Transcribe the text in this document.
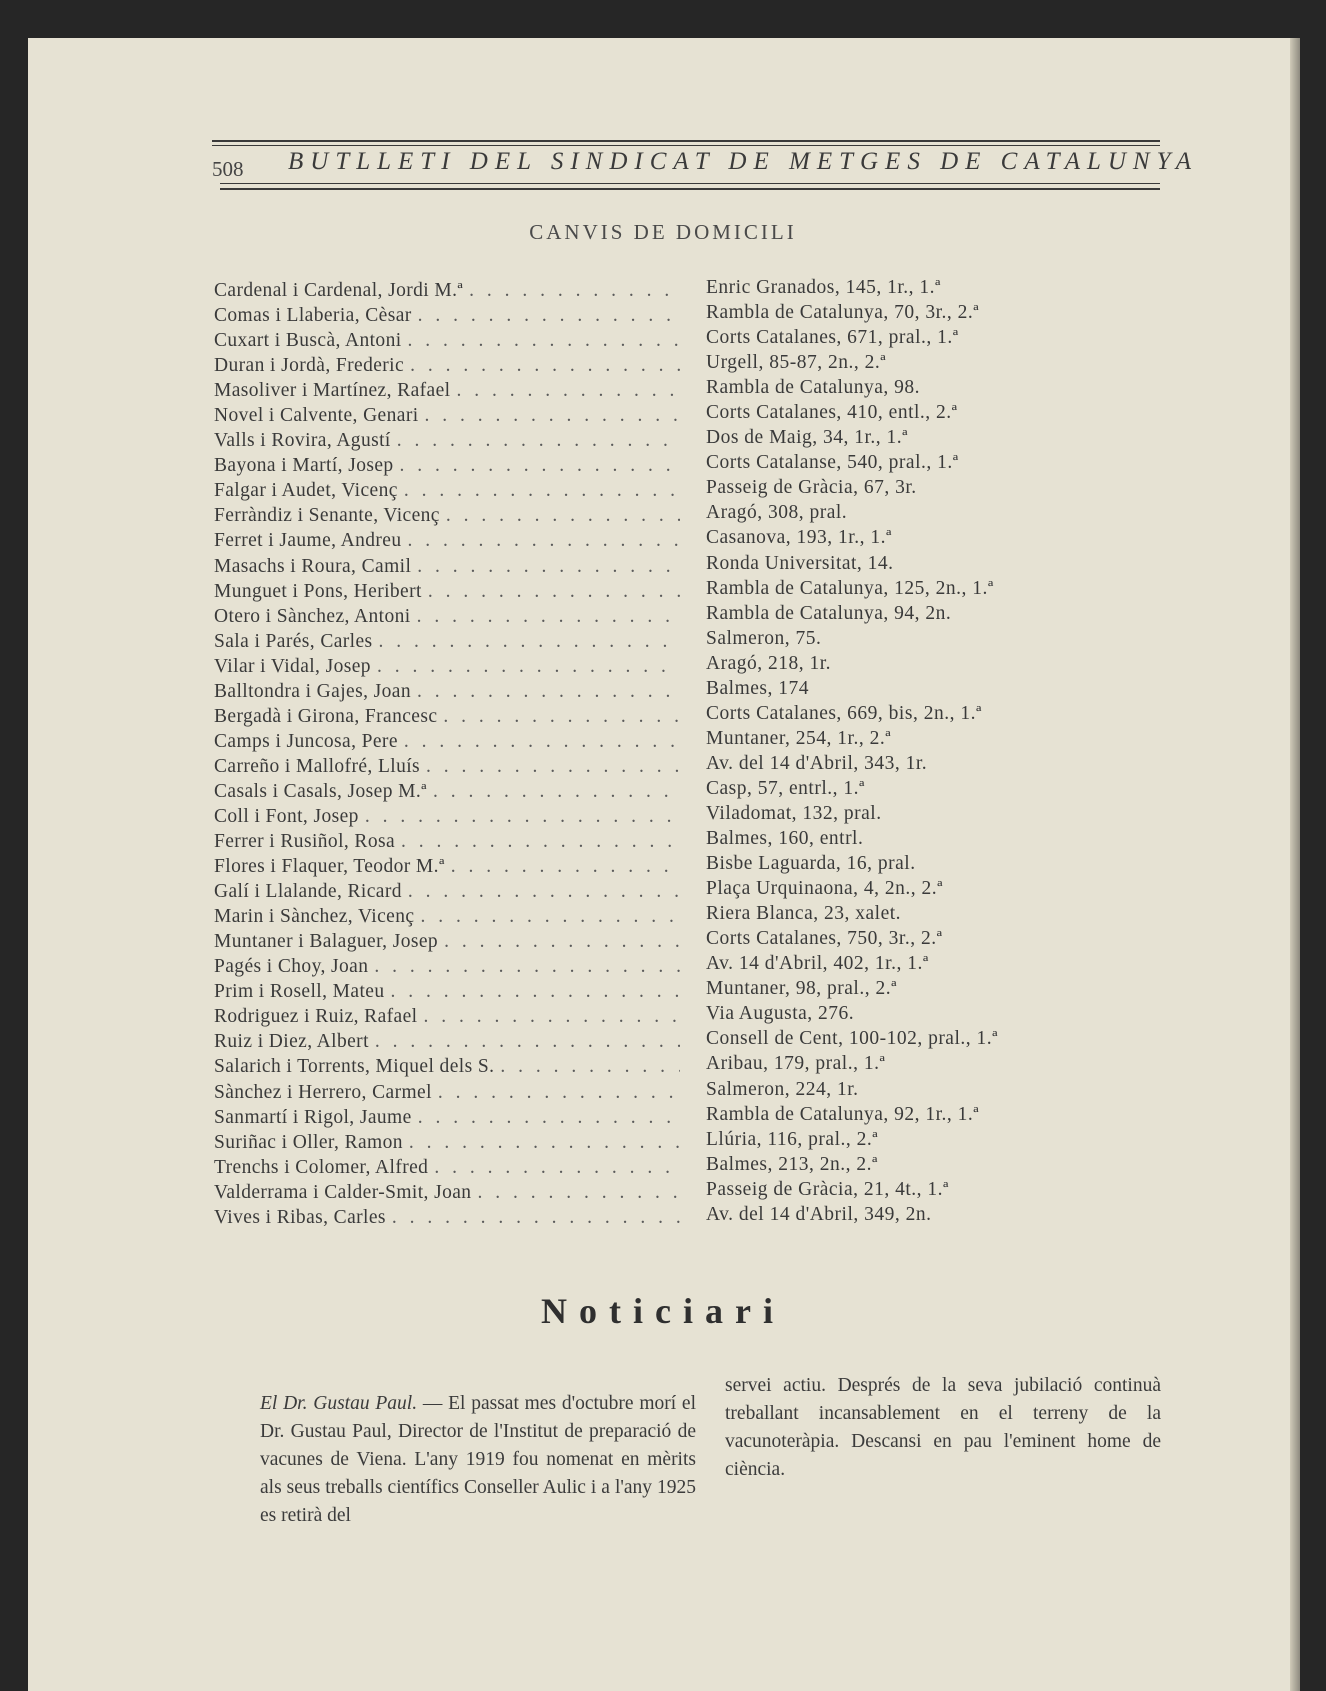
508 BUTLLETI DEL SINDICAT DE METGES DE CATALUNYA
CANVIS DE DOMICILI
Cardenal i Cardenal, Jordi M.ª
. . .
Comas i Llaberia, Cèsar
. . .
Cuxart i Buscà, Antoni
. . .
Duran i Jordà, Frederic
. . .
Masoliver i Martínez, Rafael
. . .
Novel i Calvente, Genari
. . .
Valls i Rovira, Agustí
. . .
Bayona i Martí, Josep
. . .
Falgar i Audet, Vicenç
. . .
Ferràndiz i Senante, Vicenç
. . .
Ferret i Jaume, Andreu
. . .
Masachs i Roura, Camil
. . .
Munguet i Pons, Heribert
. . .
Otero i Sànchez, Antoni
. . .
Sala i Parés, Carles
. . .
Vilar i Vidal, Josep
. . .
Balltondra i Gajes, Joan
. . .
Bergadà i Girona, Francesc
. . .
Camps i Juncosa, Pere
. . .
Carreño i Mallofré, Lluís
. . .
Casals i Casals, Josep M.ª
. . .
Coll i Font, Josep
. . .
Ferrer i Rusiñol, Rosa
. . .
Flores i Flaquer, Teodor M.ª
. . .
Galí i Llalande, Ricard
. . .
Marin i Sànchez, Vicenç
. . .
Muntaner i Balaguer, Josep
. . .
Pagés i Choy, Joan
. . .
Prim i Rosell, Mateu
. . .
Rodriguez i Ruiz, Rafael
. . .
Ruiz i Diez, Albert
. . .
Salarich i Torrents, Miquel dels S.
. . .
Sànchez i Herrero, Carmel
. . .
Sanmartí i Rigol, Jaume
. . .
Suriñac i Oller, Ramon
. . .
Trenchs i Colomer, Alfred
. . .
Valderrama i Calder-Smit, Joan
. . .
Vives i Ribas, Carles
. . .
Enric Granados, 145, 1r., 1.ª
Rambla de Catalunya, 70, 3r., 2.ª
Corts Catalanes, 671, pral., 1.ª
Urgell, 85-87, 2n., 2.ª
Rambla de Catalunya, 98.
Corts Catalanes, 410, entl., 2.ª
Dos de Maig, 34, 1r., 1.ª
Corts Catalanse, 540, pral., 1.ª
Passeig de Gràcia, 67, 3r.
Aragó, 308, pral.
Casanova, 193, 1r., 1.ª
Ronda Universitat, 14.
Rambla de Catalunya, 125, 2n., 1.ª
Rambla de Catalunya, 94, 2n.
Salmeron, 75.
Aragó, 218, 1r.
Balmes, 174
Corts Catalanes, 669, bis, 2n., 1.ª
Muntaner, 254, 1r., 2.ª
Av. del 14 d'Abril, 343, 1r.
Casp, 57, entrl., 1.ª
Viladomat, 132, pral.
Balmes, 160, entrl.
Bisbe Laguarda, 16, pral.
Plaça Urquinaona, 4, 2n., 2.ª
Riera Blanca, 23, xalet.
Corts Catalanes, 750, 3r., 2.ª
Av. 14 d'Abril, 402, 1r., 1.ª
Muntaner, 98, pral., 2.ª
Via Augusta, 276.
Consell de Cent, 100-102, pral., 1.ª
Aribau, 179, pral., 1.ª
Salmeron, 224, 1r.
Rambla de Catalunya, 92, 1r., 1.ª
Llúria, 116, pral., 2.ª
Balmes, 213, 2n., 2.ª
Passeig de Gràcia, 21, 4t., 1.ª
Av. del 14 d'Abril, 349, 2n.
Noticiari
El Dr. Gustau Paul. — El passat mes d'octubre morí el Dr. Gustau Paul, Director de l'Institut de preparació de vacunes de Viena. L'any 1919 fou nomenat en mèrits als seus treballs científics Conseller Aulic i a l'any 1925 es retirà del
servei actiu. Després de la seva jubilació continuà treballant incansablement en el terreny de la vacunoteràpia. Descansi en pau l'eminent home de ciència.
